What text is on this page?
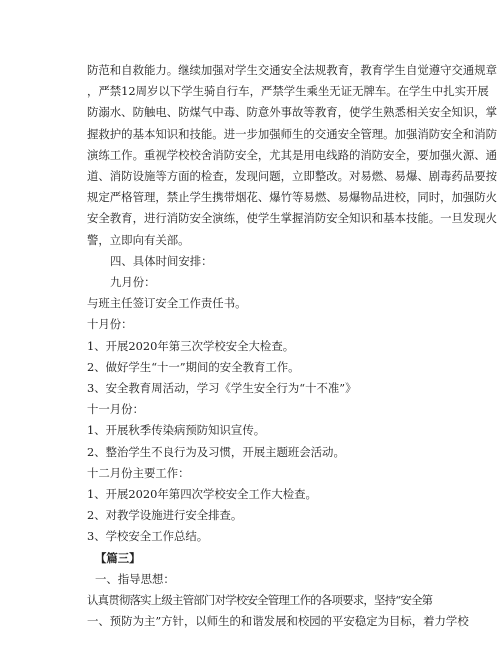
防范和自救能力。继续加强对学生交通安全法规教育，教育学生自觉遵守交通规章

，严禁12周岁以下学生骑自行车，严禁学生乘坐无证无牌车。在学生中扎实开展

防溺水、防触电、防煤气中毒、防意外事故等教育，使学生熟悉相关安全知识，掌

握救护的基本知识和技能。进一步加强师生的交通安全管理。加强消防安全和消防

演练工作。重视学校校舍消防安全，尤其是用电线路的消防安全，要加强火源、通

道、消防设施等方面的检查，发现问题，立即整改。对易燃、易爆、剧毒药品要按

规定严格管理，禁止学生携带烟花、爆竹等易燃、易爆物品进校，同时，加强防火

安全教育，进行消防安全演练，使学生掌握消防安全知识和基本技能。一旦发现火

警，立即向有关部。

四、具体时间安排：

九月份：

与班主任签订安全工作责任书。

十月份：

1、开展2020年第三次学校安全大检查。

2、做好学生“十一”期间的安全教育工作。

3、安全教育周活动，学习《学生安全行为“十不准”》

十一月份：

1、开展秋季传染病预防知识宣传。

2、整治学生不良行为及习惯，开展主题班会活动。

十二月份主要工作：

1、开展2020年第四次学校安全工作大检查。

2、对教学设施进行安全排查。

3、学校安全工作总结。

【篇三】

一、指导思想：

认真贯彻落实上级主管部门对学校安全管理工作的各项要求，坚持“安全第

一、预防为主”方针，以师生的和谐发展和校园的平安稳定为目标，着力学校
